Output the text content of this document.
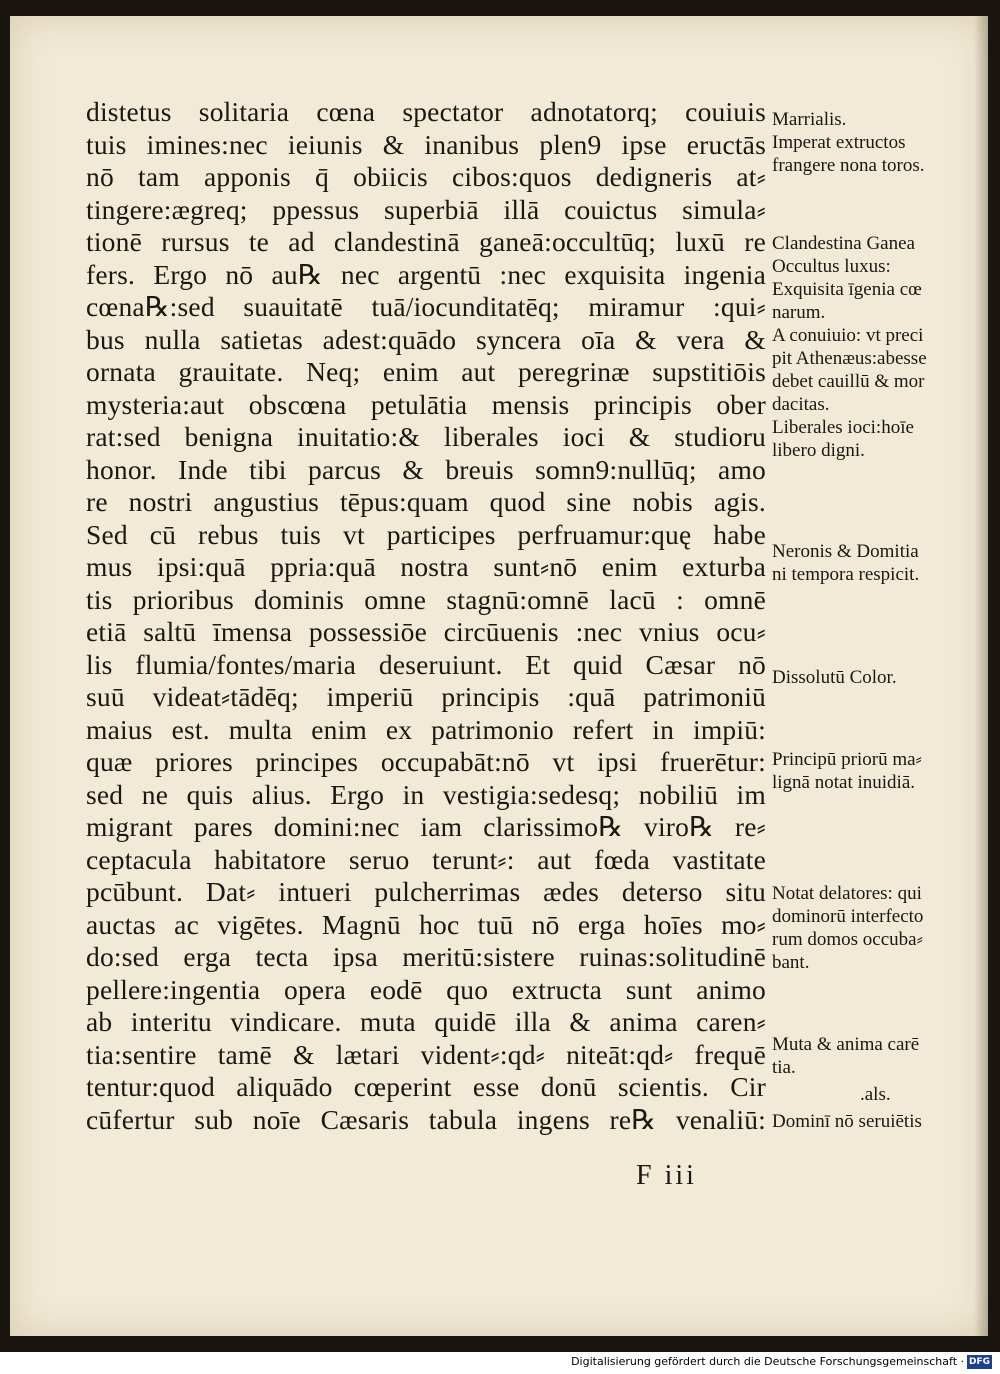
distetus solitaria cœna spectator adnotatorq; couiuis
tuis imines:nec ieiunis & inanibus plen9 ipse eructās
nō tam apponis q̄ obiicis cibos:quos dedigneris at⸗
tingere:ægreq; ppessus superbiā illā couictus simula⸗
tionē rursus te ad clandestinā ganeā:occultūq; luxū re
fers. Ergo nō au℞ nec argentū :nec exquisita ingenia
cœna℞:sed suauitatē tuā/iocunditatēq; miramur :qui⸗
bus nulla satietas adest:quādo syncera oīa & vera &
ornata grauitate. Neq; enim aut peregrinæ supstitiōis
mysteria:aut obscœna petulātia mensis principis ober
rat:sed benigna inuitatio:& liberales ioci & studioru
honor. Inde tibi parcus & breuis somn9:nullūq; amo
re nostri angustius tēpus:quam quod sine nobis agis.
Sed cū rebus tuis vt participes perfruamur:quę habe
mus ipsi:quā ppria:quā nostra sunt⸗nō enim exturba
tis prioribus dominis omne stagnū:omnē lacū : omnē
etiā saltū īmensa possessiōe circūuenis :nec vnius ocu⸗
lis flumia/fontes/maria deseruiunt. Et quid Cæsar nō
suū videat⸗tādēq; imperiū principis :quā patrimoniū
maius est. multa enim ex patrimonio refert in impiū:
quæ priores principes occupabāt:nō vt ipsi fruerētur:
sed ne quis alius. Ergo in vestigia:sedesq; nobiliū im
migrant pares domini:nec iam clarissimo℞ viro℞ re⸗
ceptacula habitatore seruo terunt⸗: aut fœda vastitate
pcūbunt. Dat⸗ intueri pulcherrimas ædes deterso situ
auctas ac vigētes. Magnū hoc tuū nō erga hoīes mo⸗
do:sed erga tecta ipsa meritū:sistere ruinas:solitudinē
pellere:ingentia opera eodē quo extructa sunt animo
ab interitu vindicare. muta quidē illa & anima caren⸗
tia:sentire tamē & lætari vident⸗:qd⸗ niteāt:qd⸗ frequē
tentur:quod aliquādo cœperint esse donū scientis. Cir
cūfertur sub noīe Cæsaris tabula ingens re℞ venaliū:
F iii
Marrialis.
Imperat extructos
frangere nona toros.
Clandestina Ganea
Occultus luxus:
Exquisita īgenia cœ
narum.
A conuiuio: vt preci
pit Athenæus:abesse
debet cauillū & mor
dacitas.
Liberales ioci:hoīe
libero digni.
Neronis & Domitia
ni tempora respicit.
Dissolutū Color.
Principū priorū ma⸗
lignā notat inuidiā.
Notat delatores: qui
dominorū interfecto
rum domos occuba⸗
bant.
Muta & anima carē
tia.
.als.
Dominī nō seruiētis
Digitalisierung gefördert durch die Deutsche Forschungsgemeinschaft · DFG
